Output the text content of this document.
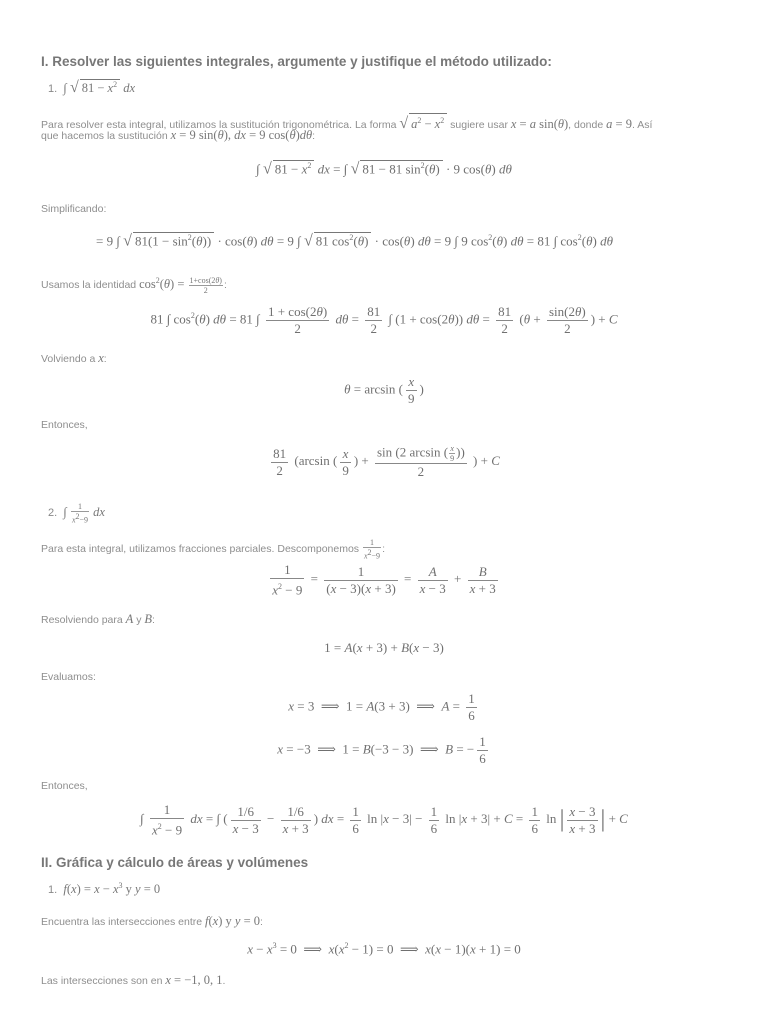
I. Resolver las siguientes integrales, argumente y justifique el método utilizado:
1.  ∫ √ $81 - x^2$ dx
Para resolver esta integral, utilizamos la sustitución trigonométrica. La forma √ $a^2 - x^2$ sugiere usar x = a sin(θ), donde a = 9. Así
que hacemos la sustitución x = 9 sin(θ), dx = 9 cos(θ)dθ:
∫ √ $81 - x^2$ dx = ∫ √ 81 − 81 $\sin^2(\theta) \cdot 9$ cos(θ) dθ
Simplificando:
= 9 ∫ √ $81(1 - \sin^2(\theta)) \cdot \cos(\theta)$ dθ = 9 ∫ √ 81 $\cos^2(\theta) \cdot \cos(\theta) d\theta = 9$ ∫ 9 $\cos^2(\theta) d\theta = 81$ ∫ $\cos^2(\theta)$ dθ
Usamos la identidad $\cos^2(\theta) = \frac{1+\cos(2\theta)}{2}$ :
81 ∫ $\cos^2(\theta) d\theta = 81$ ∫ $\frac{1 + \cos(2\theta)}{2}$ $d\theta = \frac{81}{2}$ ∫ (1 + cos(2θ)) $d\theta = \frac{81}{2} (\theta + \frac{\sin(2\theta)}{2}$ ) + C
Volviendo a x:
θ = arcsin ( $\frac{x}{9}$ )
Entonces,
$\frac{81}{2} (\arcsin$ ( $\frac{x}{9}$ ) + $\frac{\sin (2 \arcsin ( \frac{x}{9} ))}{2}$ ) + C
2.  ∫ $\frac{1}{x^2-9}$ dx
Para esta integral, utilizamos fracciones parciales. Descomponemos $\frac{1}{x^2-9}$ :
$\frac{1}{x^2 - 9} = \frac{1}{(x - 3)(x + 3)} = \frac{A}{x - 3} + \frac{B}{x + 3}$
Resolviendo para A y B:
1 = A(x + 3) + B(x − 3)
Evaluamos:
x = 3  ⟹  1 = A(3 + 3)  ⟹  $A = \frac{1}{6}$
x = −3  ⟹  1 = B(−3 − 3)  ⟹  B = − $\frac{1}{6}$
Entonces,
∫ $\frac{1}{x^2 - 9}$ dx = ∫ ( $\frac{1/6}{x - 3} - \frac{1/6}{x + 3}$ ) dx = $\frac{1}{6}$ $\ln |x - 3| - \frac{1}{6}$ $\ln |x + 3| + C = \frac{1}{6}$ ln | $\frac{x - 3}{x + 3}$ | + C
II. Gráfica y cálculo de áreas y volúmenes
1. $f(x) = x - x^3$ y y = 0
Encuentra las intersecciones entre f(x) y y = 0:
$x - x^3 = 0$  ⟹  $x(x^2 - 1) = 0$  ⟹  x(x − 1)(x + 1) = 0
Las intersecciones son en x = −1, 0, 1.
